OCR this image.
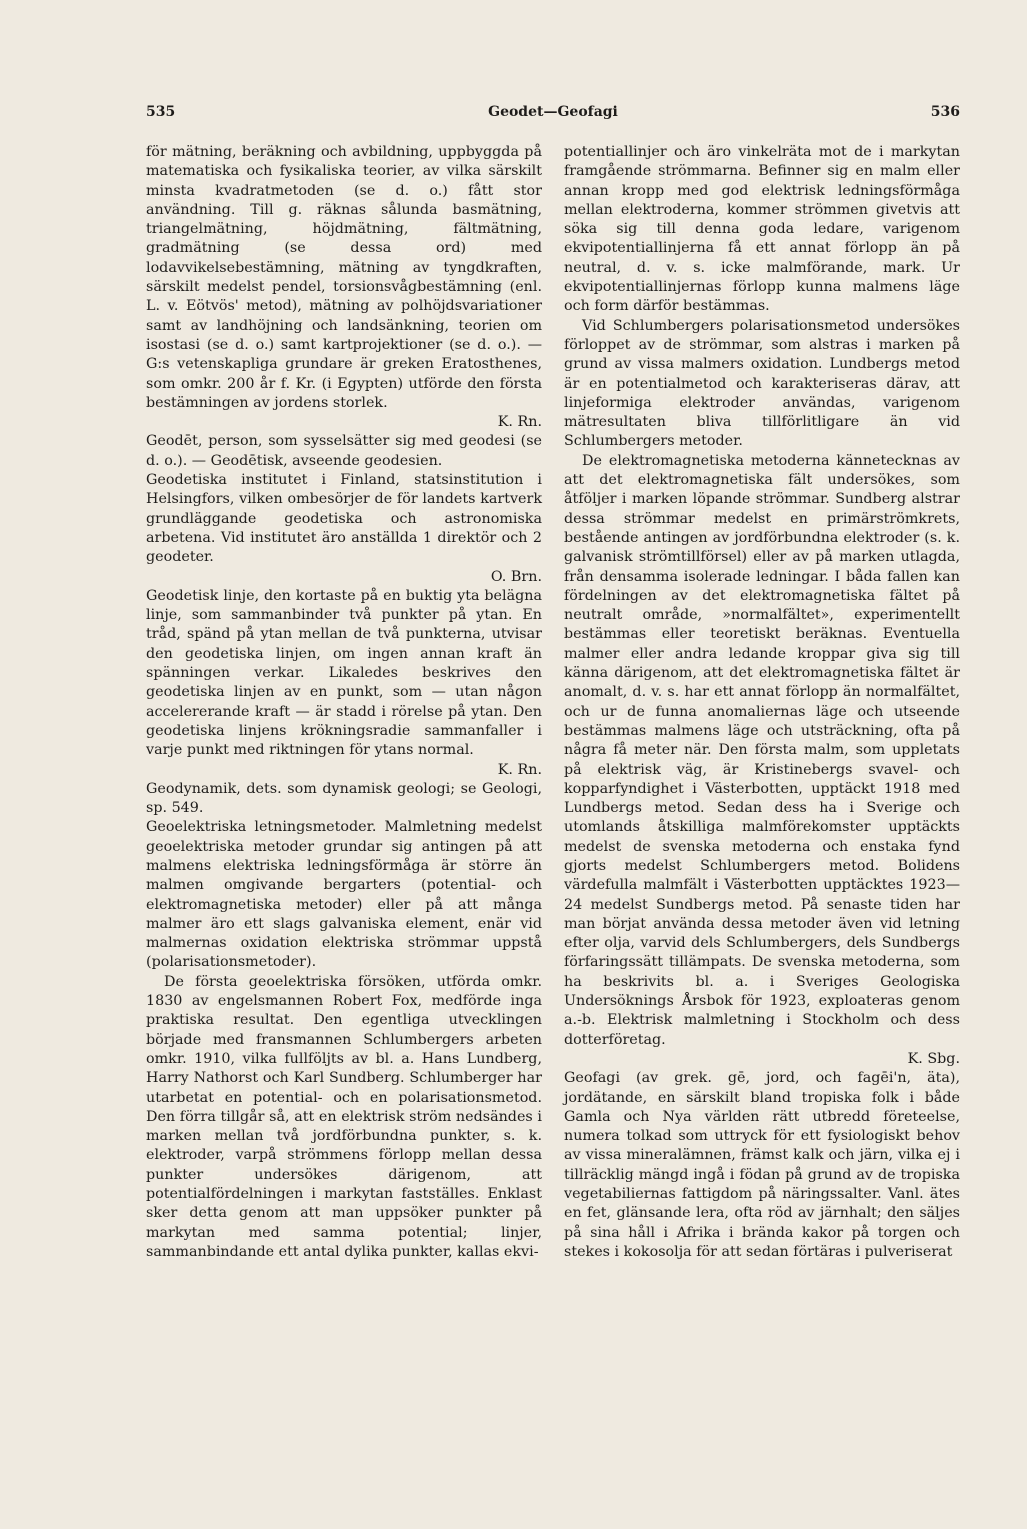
535	Geodet—Geofagi	536

för mätning, beräkning och avbildning, uppbyggda på matematiska och fysikaliska teorier, av vilka särskilt minsta kvadratmetoden (se d. o.) fått stor användning. Till g. räknas sålunda basmätning, triangelmätning, höjdmätning, fältmätning, gradmätning (se dessa ord) med lodavvikelsebestämning, mätning av tyngdkraften, särskilt medelst pendel, torsionsvågbestämning (enl. L. v. Eötvös' metod), mätning av polhöjdsvariationer samt av landhöjning och landsänkning, teorien om isostasi (se d. o.) samt kartprojektioner (se d. o.). — G:s vetenskapliga grundare är greken Eratosthenes, som omkr. 200 år f. Kr. (i Egypten) utförde den första bestämningen av jordens storlek.

K. Rn.

Geodēt, person, som sysselsätter sig med geodesi (se d. o.). — Geodētisk, avseende geodesien.

Geodetiska institutet i Finland, statsinstitution i Helsingfors, vilken ombesörjer de för landets kartverk grundläggande geodetiska och astronomiska arbetena. Vid institutet äro anställda 1 direktör och 2 geodeter.

O. Brn.

Geodetisk linje, den kortaste på en buktig yta belägna linje, som sammanbinder två punkter på ytan. En tråd, spänd på ytan mellan de två punkterna, utvisar den geodetiska linjen, om ingen annan kraft än spänningen verkar. Likaledes beskrives den geodetiska linjen av en punkt, som — utan någon accelererande kraft — är stadd i rörelse på ytan. Den geodetiska linjens krökningsradie sammanfaller i varje punkt med riktningen för ytans normal.

K. Rn.

Geodynamik, dets. som dynamisk geologi; se Geologi, sp. 549.

Geoelektriska letningsmetoder. Malmletning medelst geoelektriska metoder grundar sig antingen på att malmens elektriska ledningsförmåga är större än malmen omgivande bergarters (potential- och elektromagnetiska metoder) eller på att många malmer äro ett slags galvaniska element, enär vid malmernas oxidation elektriska strömmar uppstå (polarisationsmetoder).

De första geoelektriska försöken, utförda omkr. 1830 av engelsmannen Robert Fox, medförde inga praktiska resultat. Den egentliga utvecklingen började med fransmannen Schlumbergers arbeten omkr. 1910, vilka fullföljts av bl. a. Hans Lundberg, Harry Nathorst och Karl Sundberg. Schlumberger har utarbetat en potential- och en polarisationsmetod. Den förra tillgår så, att en elektrisk ström nedsändes i marken mellan två jordförbundna punkter, s. k. elektroder, varpå strömmens förlopp mellan dessa punkter undersökes därigenom, att potentialfördelningen i markytan fastställes. Enklast sker detta genom att man uppsöker punkter på markytan med samma potential; linjer, sammanbindande ett antal dylika punkter, kallas ekvi-

potentiallinjer och äro vinkelräta mot de i markytan framgående strömmarna. Befinner sig en malm eller annan kropp med god elektrisk ledningsförmåga mellan elektroderna, kommer strömmen givetvis att söka sig till denna goda ledare, varigenom ekvipotentiallinjerna få ett annat förlopp än på neutral, d. v. s. icke malmförande, mark. Ur ekvipotentiallinjernas förlopp kunna malmens läge och form därför bestämmas.

Vid Schlumbergers polarisationsmetod undersökes förloppet av de strömmar, som alstras i marken på grund av vissa malmers oxidation. Lundbergs metod är en potentialmetod och karakteriseras därav, att linjeformiga elektroder användas, varigenom mätresultaten bliva tillförlitligare än vid Schlumbergers metoder.

De elektromagnetiska metoderna kännetecknas av att det elektromagnetiska fält undersökes, som åtföljer i marken löpande strömmar. Sundberg alstrar dessa strömmar medelst en primärströmkrets, bestående antingen av jordförbundna elektroder (s. k. galvanisk strömtillförsel) eller av på marken utlagda, från densamma isolerade ledningar. I båda fallen kan fördelningen av det elektromagnetiska fältet på neutralt område, »normalfältet», experimentellt bestämmas eller teoretiskt beräknas. Eventuella malmer eller andra ledande kroppar giva sig till känna därigenom, att det elektromagnetiska fältet är anomalt, d. v. s. har ett annat förlopp än normalfältet, och ur de funna anomaliernas läge och utseende bestämmas malmens läge och utsträckning, ofta på några få meter när. Den första malm, som uppletats på elektrisk väg, är Kristinebergs svavel- och kopparfyndighet i Västerbotten, upptäckt 1918 med Lundbergs metod. Sedan dess ha i Sverige och utomlands åtskilliga malmförekomster upptäckts medelst de svenska metoderna och enstaka fynd gjorts medelst Schlumbergers metod. Bolidens värdefulla malmfält i Västerbotten upptäcktes 1923—24 medelst Sundbergs metod. På senaste tiden har man börjat använda dessa metoder även vid letning efter olja, varvid dels Schlumbergers, dels Sundbergs förfaringssätt tillämpats. De svenska metoderna, som ha beskrivits bl. a. i Sveriges Geologiska Undersöknings Årsbok för 1923, exploateras genom a.-b. Elektrisk malmletning i Stockholm och dess dotterföretag.

K. Sbg.

Geofagi (av grek. gē, jord, och fagēi'n, äta), jordätande, en särskilt bland tropiska folk i både Gamla och Nya världen rätt utbredd företeelse, numera tolkad som uttryck för ett fysiologiskt behov av vissa mineralämnen, främst kalk och järn, vilka ej i tillräcklig mängd ingå i födan på grund av de tropiska vegetabiliernas fattigdom på näringssalter. Vanl. ätes en fet, glänsande lera, ofta röd av järnhalt; den säljes på sina håll i Afrika i brända kakor på torgen och stekes i kokosolja för att sedan förtäras i pulveriserat
